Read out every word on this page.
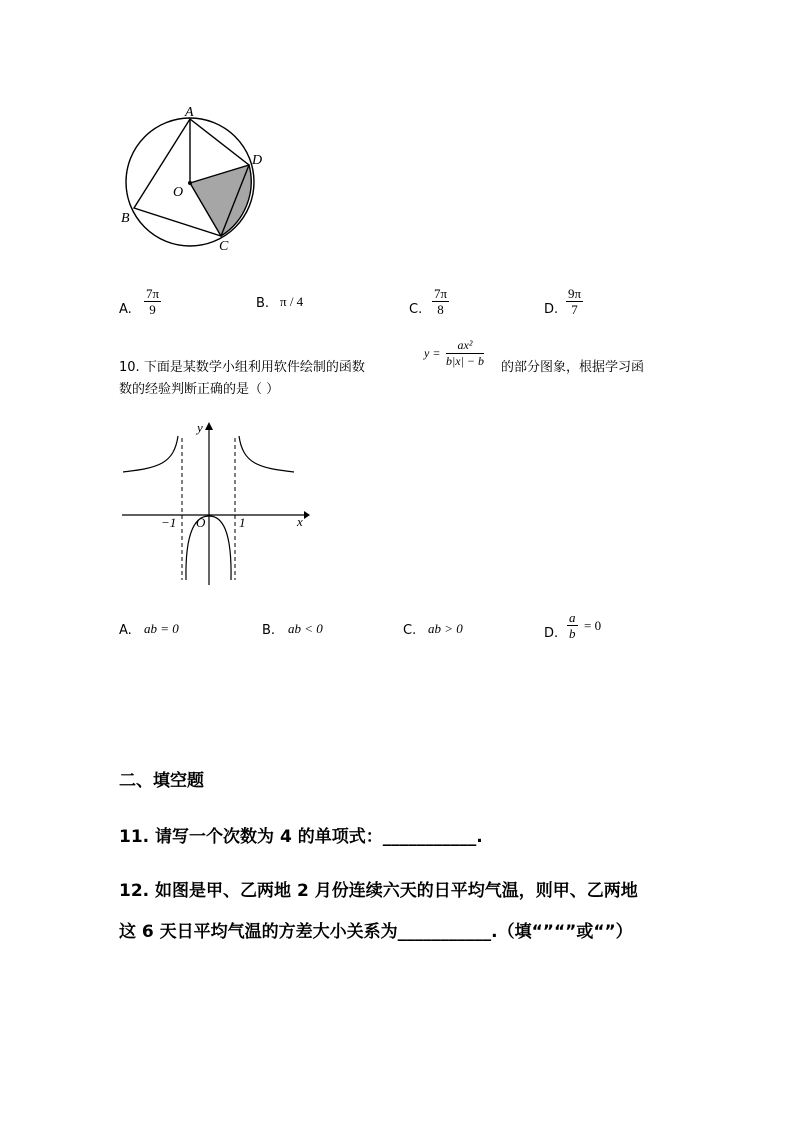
A
D
O
B
C
A. $\frac{7\pi}{9}$	B. π / 4
C. $\frac{7\pi}{8}$	D. $\frac{9\pi}{7}$
10. 下面是某数学小组利用软件绘制的函数
$y = \frac{\text{ax²}}{b|x| - b}$ 的部分图象，根据学习函
数的经验判断正确的是（ ）
y
x
O
−1	1
A. ab = 0	B. ab < 0	C. ab > 0	D. $\frac{a}{b} = 0$
二、填空题
11. 请写一个次数为 4 的单项式：___________.
12. 如图是甲、乙两地 2 月份连续六天的日平均气温，则甲、乙两地
这 6 天日平均气温的方差大小关系为___________.（填“”“”或“”）
